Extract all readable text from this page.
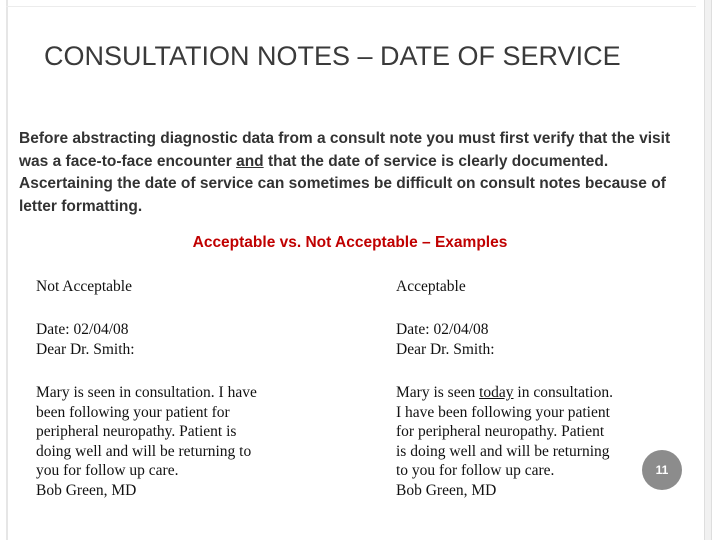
CONSULTATION NOTES – DATE OF SERVICE

Before abstracting diagnostic data from a consult note you must first verify that the visit was a face-to-face encounter and that the date of service is clearly documented. Ascertaining the date of service can sometimes be difficult on consult notes because of letter formatting.

Acceptable vs. Not Acceptable – Examples
Not Acceptable
Date: 02/04/08
Dear Dr. Smith:
Mary is seen in consultation. I have
been following your patient for
peripheral neuropathy. Patient is
doing well and will be returning to
you for follow up care.
Bob Green, MD
Acceptable
Date: 02/04/08
Dear Dr. Smith:
Mary is seen today in consultation.
I have been following your patient
for peripheral neuropathy. Patient
is doing well and will be returning
to you for follow up care.
Bob Green, MD
11
